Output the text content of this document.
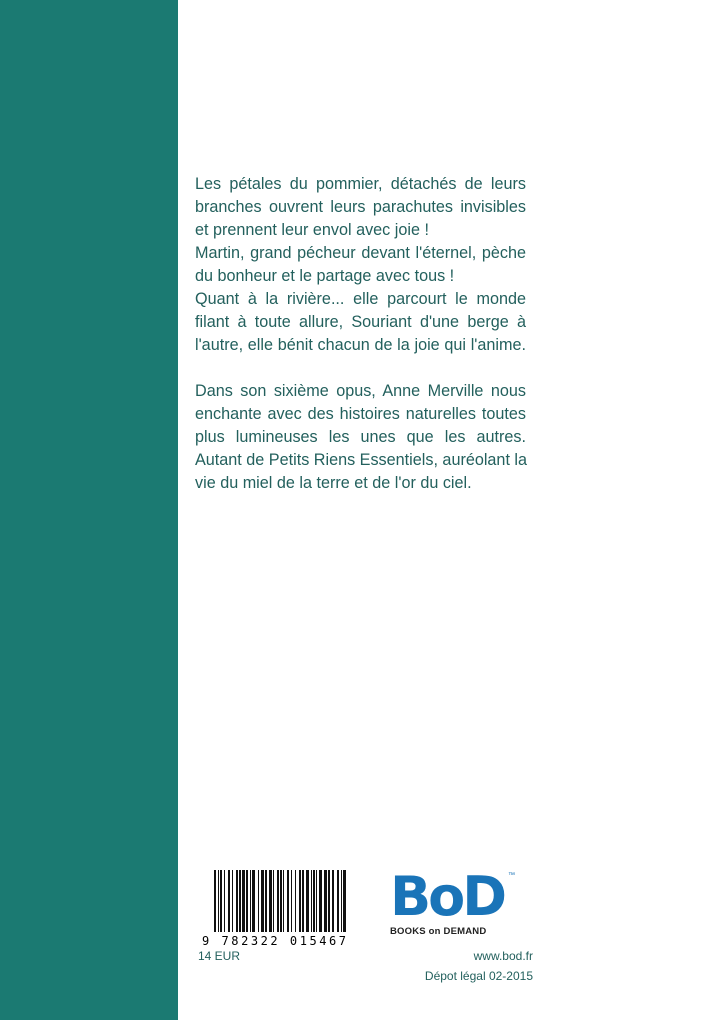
Les pétales du pommier, détachés de leurs
branches ouvrent leurs parachutes invisibles
et prennent leur envol avec joie !
Martin, grand pécheur devant l'éternel, pèche
du bonheur et le partage avec tous !
Quant à la rivière... elle parcourt le monde
filant à toute allure, Souriant d'une berge à
l'autre, elle bénit chacun de la joie qui l'anime.
Dans son sixième opus, Anne Merville nous
enchante avec des histoires naturelles toutes
plus lumineuses les unes que les autres.
Autant de Petits Riens Essentiels, auréolant la
vie du miel de la terre et de l'or du ciel.
9 782322 015467
BoD ™
BOOKS on DEMAND
14 EUR	www.bod.fr
Dépot légal 02-2015
